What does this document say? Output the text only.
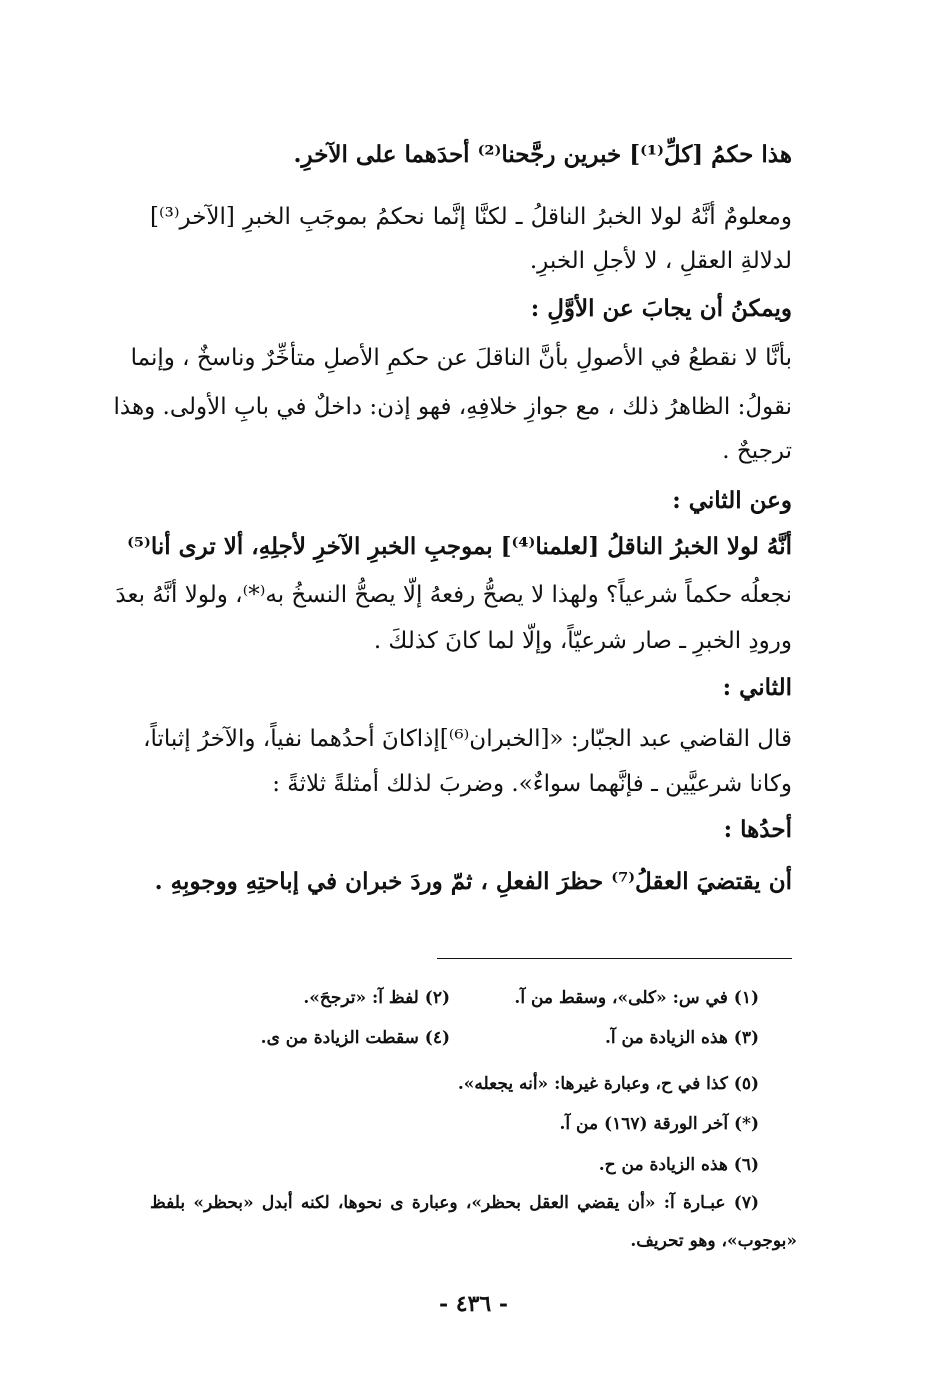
هذا حكمُ [كلِّ⁽¹⁾] خبرين رجَّحنا⁽²⁾ أحدَهما على الآخرِ.
ومعلومٌ أنَّهُ لولا الخبرُ الناقلُ ـ لكنَّا إنَّما نحكمُ بموجَبِ الخبرِ [الآخر⁽³⁾]
لدلالةِ العقلِ ، لا لأجلِ الخبرِ.
ويمكنُ أن يجابَ عن الأوَّلِ :
بأنَّا لا نقطعُ في الأصولِ بأنَّ الناقلَ عن حكمِ الأصلِ متأخِّرٌ وناسخٌ ، وإنما
نقولُ: الظاهرُ ذلك ، مع جوازِ خلافِهِ، فهو إذن: داخلٌ في بابِ الأولى. وهذا
ترجيحٌ .
وعن الثاني :
أنَّهُ لولا الخبرُ الناقلُ [لعلمنا⁽⁴⁾] بموجبِ الخبرِ الآخرِ لأجلِهِ، ألا ترى أنا⁽⁵⁾
نجعلُه حكماً شرعياً؟ ولهذا لا يصحُّ رفعهُ إلّا يصحُّ النسخُ به⁽*⁾، ولولا أنَّهُ بعدَ
ورودِ الخبرِ ـ صار شرعيّاً، وإلّا لما كانَ كذلكَ .
الثاني :
قال القاضي عبد الجبّار: «[الخبران⁽⁶⁾]إذاكانَ أحدُهما نفياً، والآخرُ إثباتاً،
وكانا شرعيَّين ـ فإنَّهما سواءٌ». وضربَ لذلك أمثلةً ثلاثةً :
أحدُها :
أن يقتضيَ العقلُ⁽⁷⁾ حظرَ الفعلِ ، ثمّ وردَ خبران في إباحتِهِ ووجوبِهِ .
(١) في س: «كلى»، وسقط من آ.
(٢) لفظ آ: «ترجحَ».
(٣) هذه الزيادة من آ.
(٤) سقطت الزيادة من ى.
(٥) كذا في ح، وعبارة غيرها: «أنه يجعله».
(*) آخر الورقة (١٦٧) من آ.
(٦) هذه الزيادة من ح.
(٧) عبـارة آ: «أن يقضي العقل بحظر»، وعبارة ى نحوها، لكنه أبدل «بحظر» بلفظ
«بوجوب»، وهو تحريف.
- ٤٣٦ -
